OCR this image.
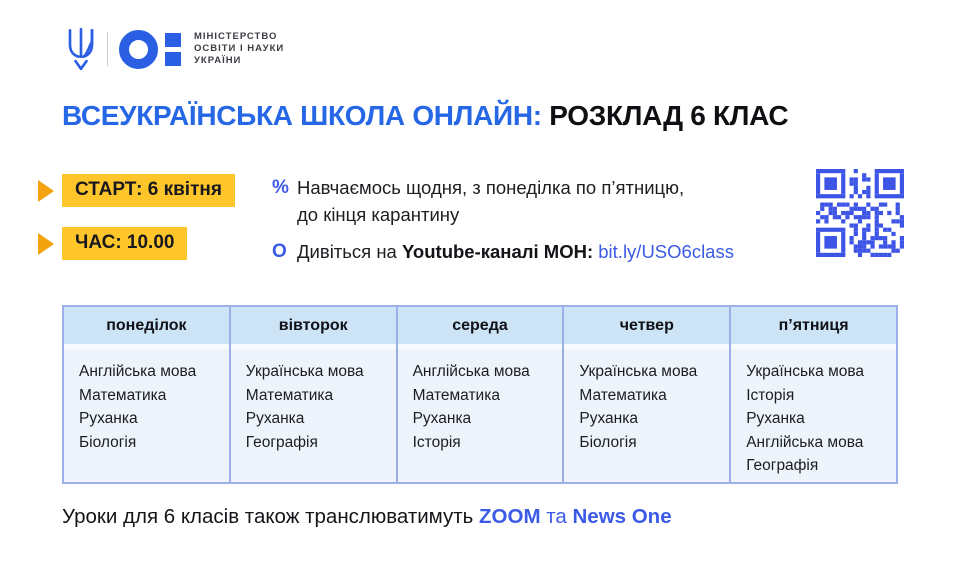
МІНІСТЕРСТВО
ОСВІТИ І НАУКИ
УКРАЇНИ
ВСЕУКРАЇНСЬКА ШКОЛА ОНЛАЙН: РОЗКЛАД 6 КЛАС
СТАРТ: 6 квітня
ЧАС: 10.00
% Навчаємось щодня, з понеділка по п’ятницю,
до кінця карантину
O Дивіться на Youtube-каналі МОН: bit.ly/USO6class
понеділок
Англійська мова
Математика
Руханка
Біологія
вівторок
Українська мова
Математика
Руханка
Географія
середа
Англійська мова
Математика
Руханка
Історія
четвер
Українська мова
Математика
Руханка
Біологія
п’ятниця
Українська мова
Історія
Руханка
Англійська мова
Географія
Уроки для 6 класів також транслюватимуть ZOOM та News One
